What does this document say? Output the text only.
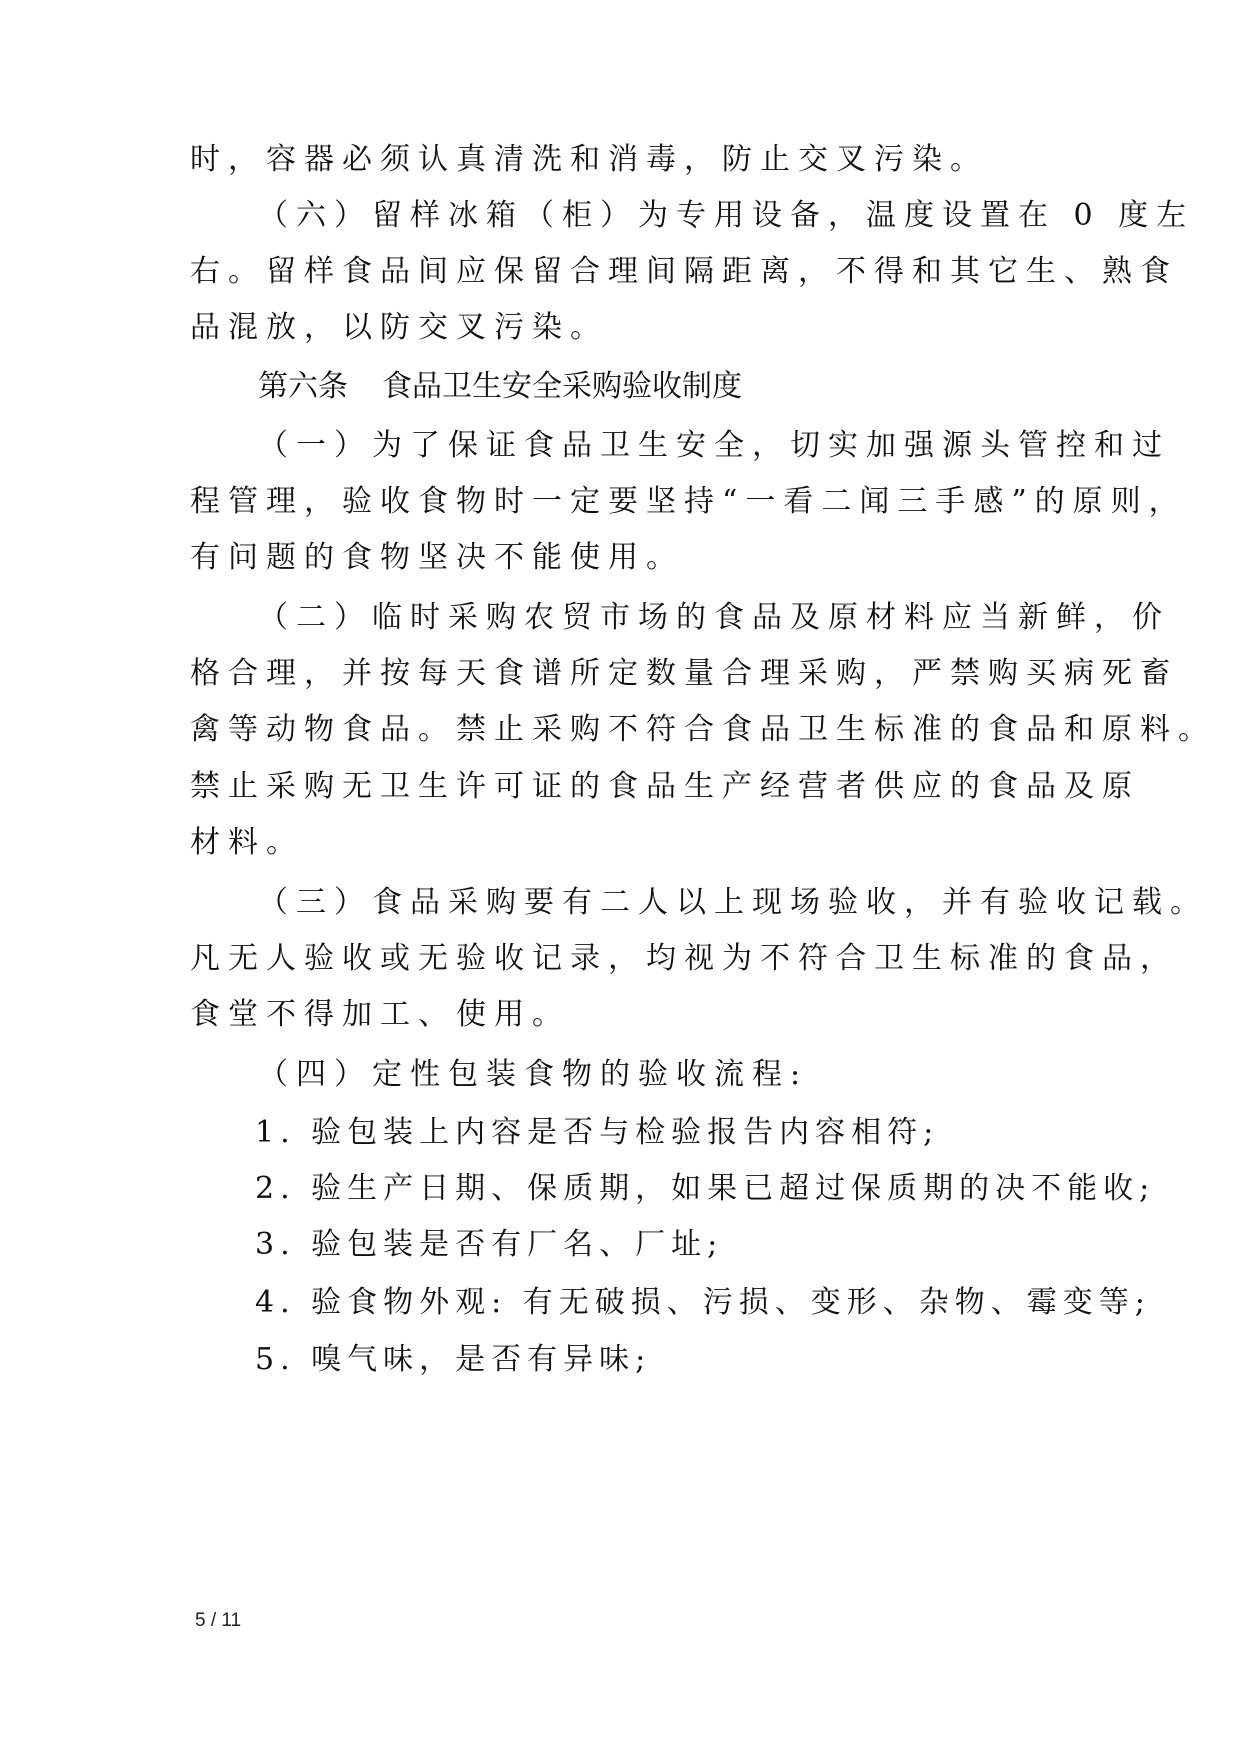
时，容器必须认真清洗和消毒，防止交叉污染。
（六）留样冰箱（柜）为专用设备，温度设置在 0 度左
右。留样食品间应保留合理间隔距离，不得和其它生、熟食
品混放，以防交叉污染。
第六条 食品卫生安全采购验收制度
（一）为了保证食品卫生安全，切实加强源头管控和过
程管理，验收食物时一定要坚持“一看二闻三手感”的原则，
有问题的食物坚决不能使用。
（二）临时采购农贸市场的食品及原材料应当新鲜，价
格合理，并按每天食谱所定数量合理采购，严禁购买病死畜
禽等动物食品。禁止采购不符合食品卫生标准的食品和原料。
禁止采购无卫生许可证的食品生产经营者供应的食品及原
材料。
（三）食品采购要有二人以上现场验收，并有验收记载。
凡无人验收或无验收记录，均视为不符合卫生标准的食品，
食堂不得加工、使用。
（四）定性包装食物的验收流程:
1. 验包装上内容是否与检验报告内容相符;
2. 验生产日期、保质期，如果已超过保质期的决不能收;
3. 验包装是否有厂名、厂址;
4. 验食物外观: 有无破损、污损、变形、杂物、霉变等;
5. 嗅气味，是否有异味;
5 / 11
